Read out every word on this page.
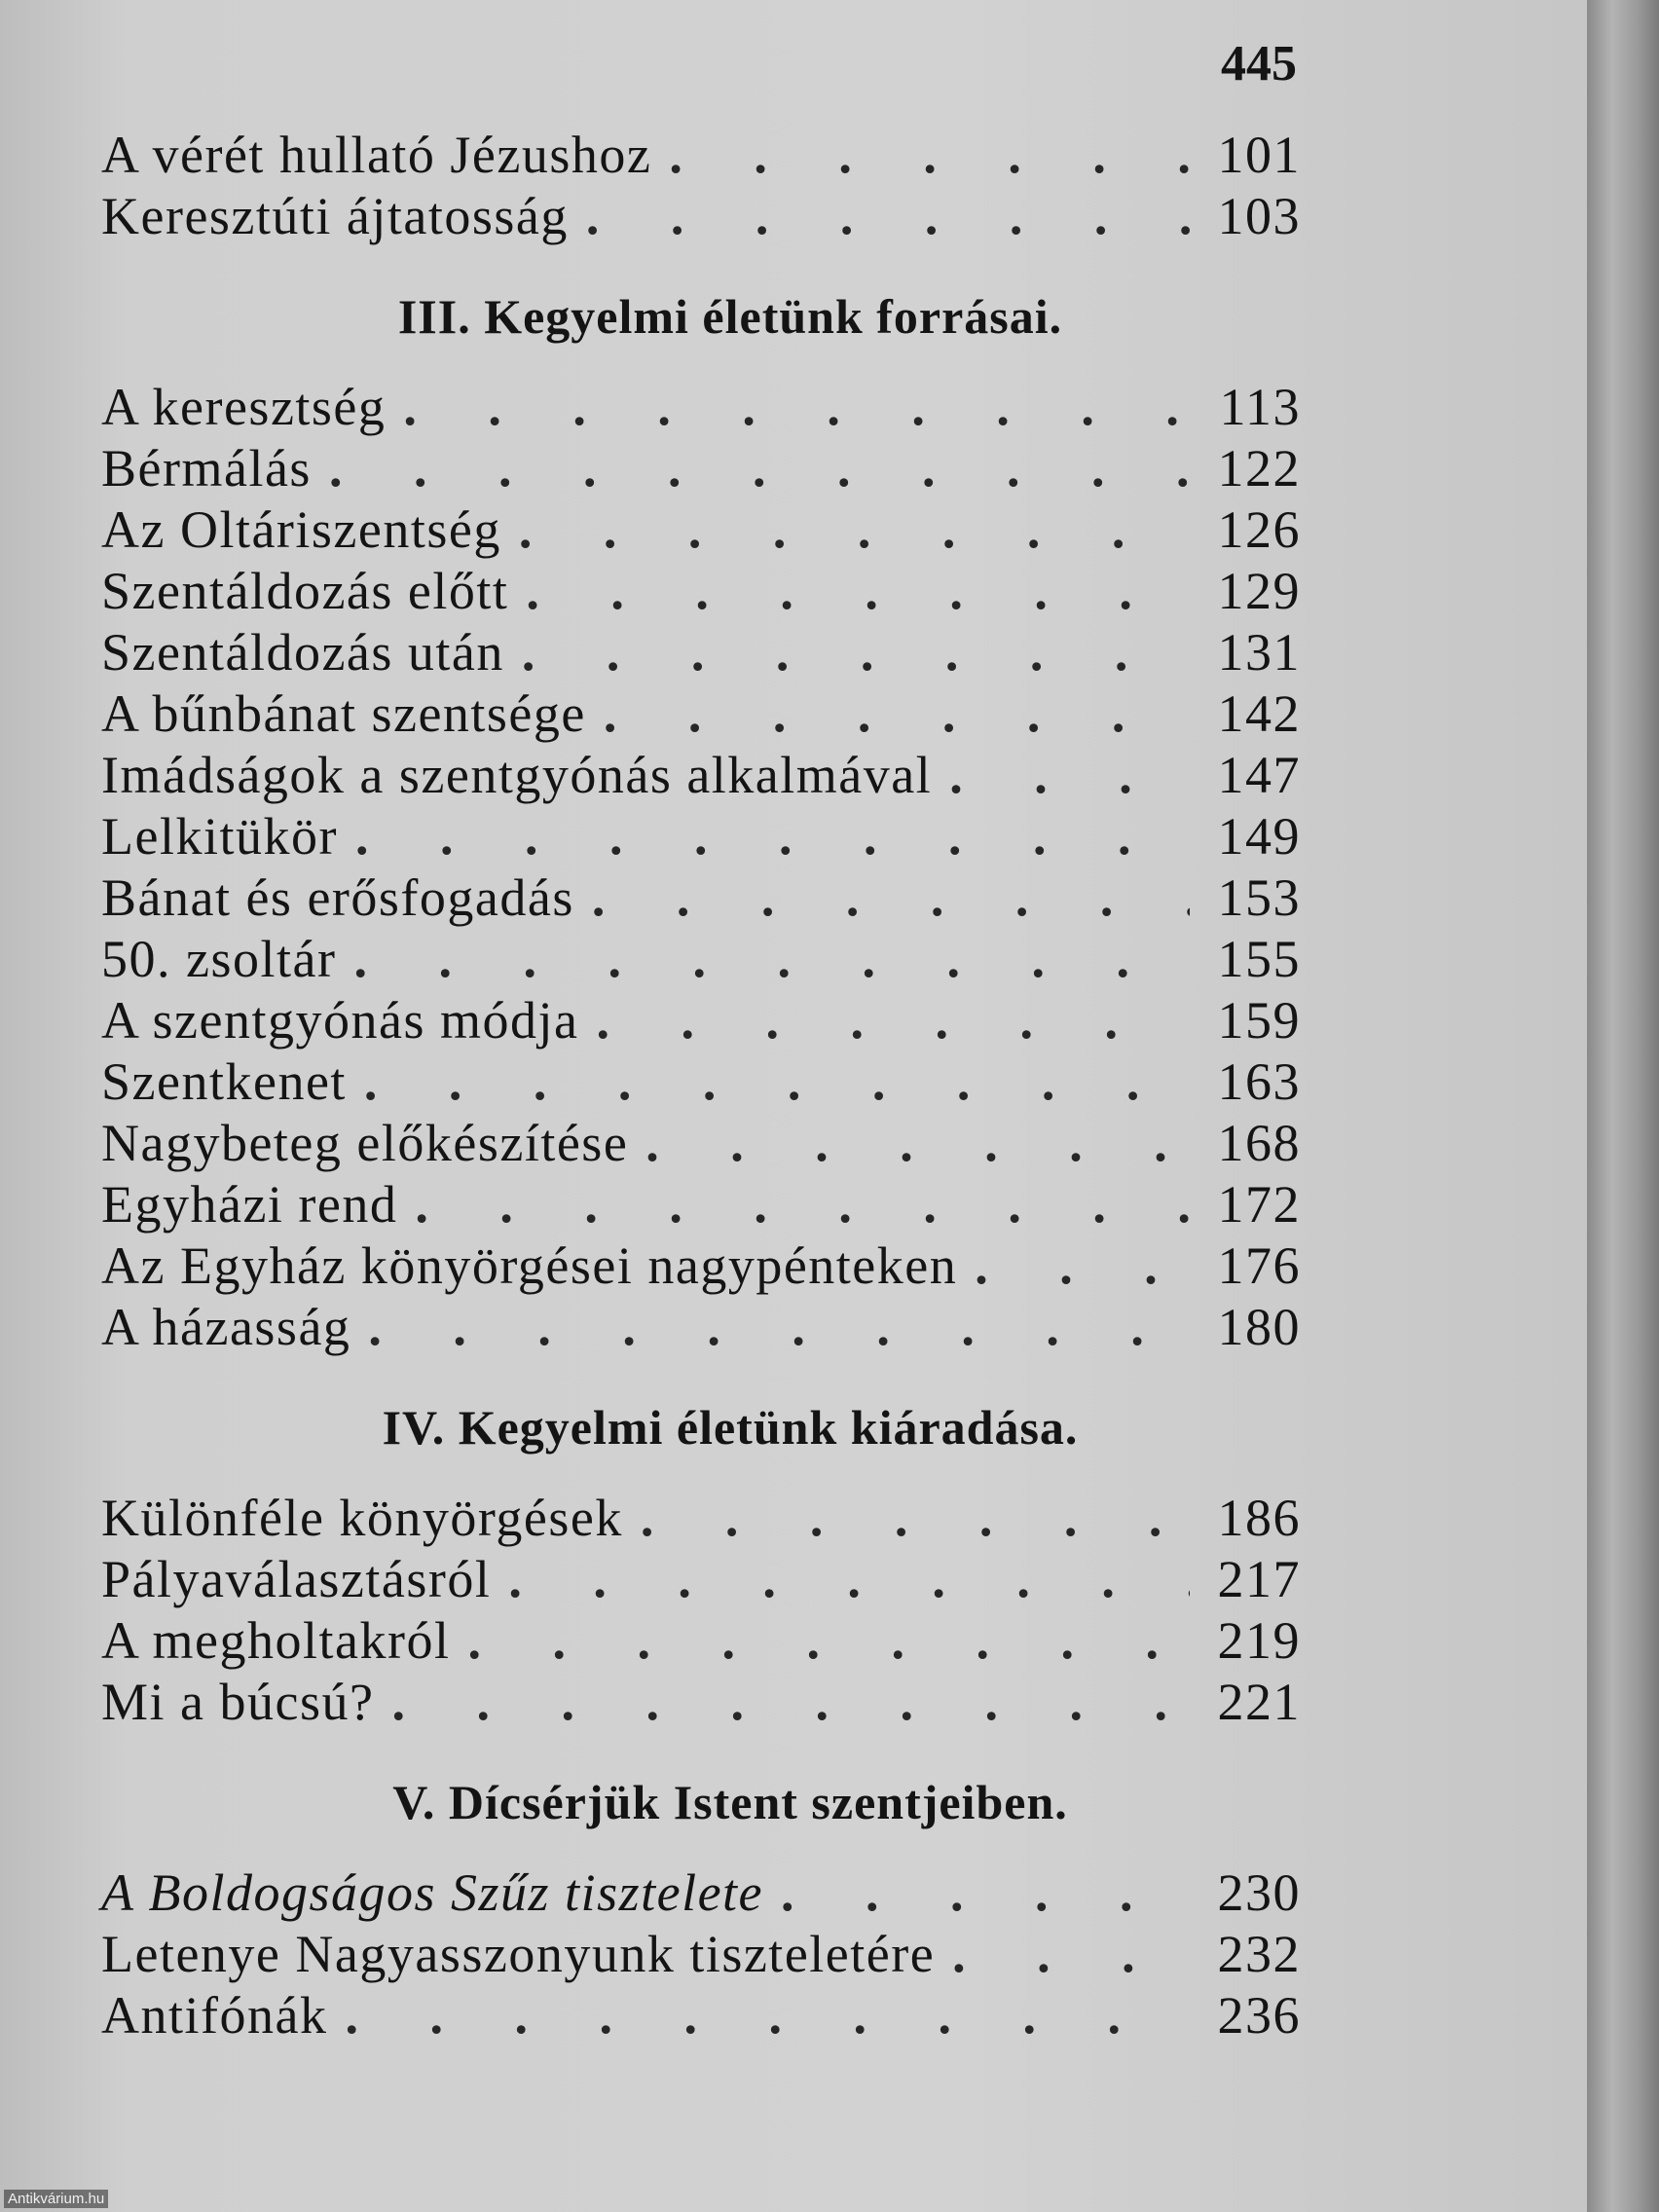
445
A vérét hullató Jézushoz . . .	101
Keresztúti ájtatosság . . .	103
III. Kegyelmi életünk forrásai.
A keresztség . . .	113
Bérmálás . . .	122
Az Oltáriszentség . . .	126
Szentáldozás előtt . . .	129
Szentáldozás után . . .	131
A bűnbánat szentsége . . .	142
Imádságok a szentgyónás alkalmával . . .	147
Lelkitükör . . .	149
Bánat és erősfogadás . . .	153
50. zsoltár . . .	155
A szentgyónás módja . . .	159
Szentkenet . . .	163
Nagybeteg előkészítése . . .	168
Egyházi rend . . .	172
Az Egyház könyörgései nagypénteken . . .	176
A házasság . . .	180
IV. Kegyelmi életünk kiáradása.
Különféle könyörgések . . .	186
Pályaválasztásról . . .	217
A megholtakról . . .	219
Mi a búcsú? . . .	221
V. Dícsérjük Istent szentjeiben.
A Boldogságos Szűz tisztelete . . .	230
Letenye Nagyasszonyunk tiszteletére . . .	232
Antifónák . . .	236
Antikvárium.hu
